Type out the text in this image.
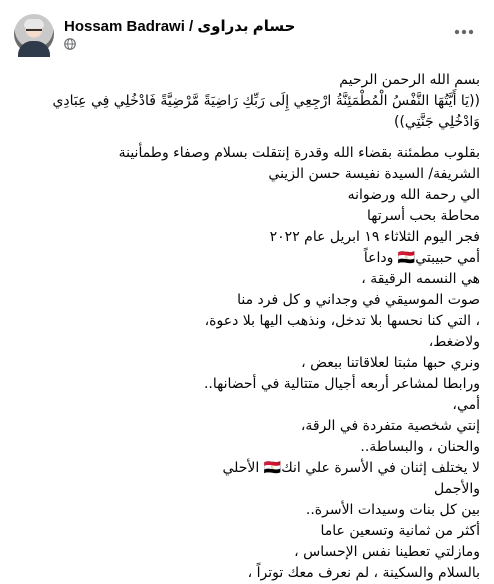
Hossam Badrawi / حسام بدراوى

بسم الله الرحمن الرحيم

((يَا أَيَّتُهَا النَّفْسُ الْمُطْمَئِنَّةُ ارْجِعِي إِلَى رَبِّكِ رَاضِيَةً مَّرْضِيَّةً فَادْخُلِي فِي عِبَادِي

وَادْخُلِي جَنَّتِي))

بقلوب مطمئنة بقضاء الله وقدرة إنتقلت بسلام وصفاء وطمأنينة

الشريفة/ السيدة نفيسة حسن الزيني

الي رحمة الله ورضوانه

محاطة بحب أسرتها

فجر اليوم الثلاثاء ١٩ ابريل عام ٢٠٢٢

أمي حبيبتي🇪🇬 وداعاً

هي النسمه الرقيقة ،

صوت الموسيقي في وجداني و كل فرد منا

، التي كنا نحسها بلا تدخل، ونذهب اليها بلا دعوة،

ولاضغط،

ونري حبها مثبتا لعلاقاتنا ببعض ،

ورابطا لمشاعر أربعه أجيال متتالية في أحضانها..

أمي،

إنتي شخصية متفردة في الرقة،

والحنان ، والبساطة..

لا يختلف إثنان في الأسرة علي انك🇪🇬 الأحلي

والأجمل

بين كل بنات وسيدات الأسرة..

أكثر من ثمانية وتسعين عاما

ومازلتي تعطينا نفس الإحساس ،

بالسلام والسكينة ، لم نعرف معك توتراً ،
